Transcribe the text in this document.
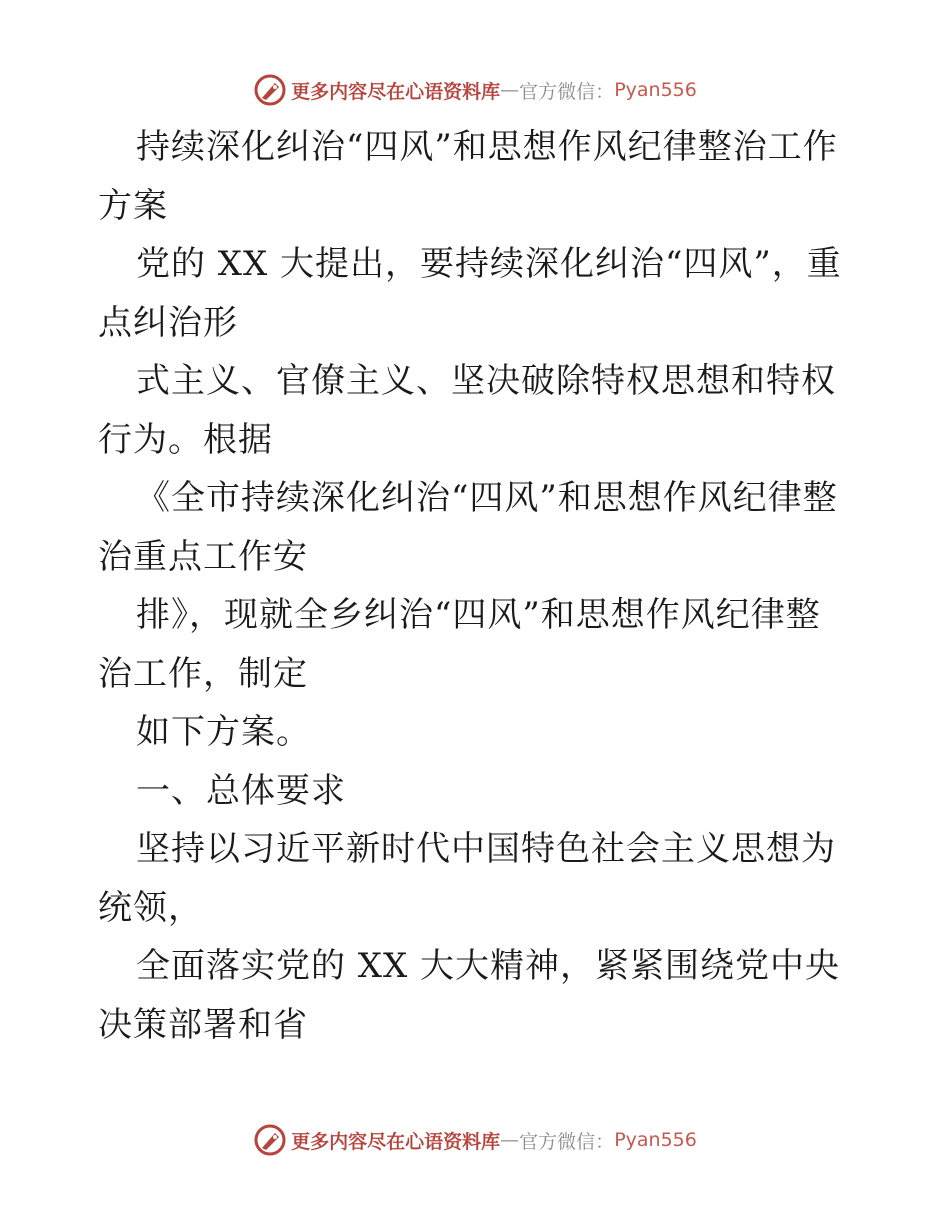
更多内容尽在心语资料库 — 官方微信： Pyan556

持续深化纠治“四风”和思想作风纪律整治工作方案

党的 XX 大提出，要持续深化纠治“四风”，重点纠治形

式主义、官僚主义、坚决破除特权思想和特权行为。根据

《全市持续深化纠治“四风”和思想作风纪律整治重点工作安

排》，现就全乡纠治“四风”和思想作风纪律整治工作，制定

如下方案。

一、总体要求

坚持以习近平新时代中国特色社会主义思想为统领，

全面落实党的 XX 大大精神，紧紧围绕党中央决策部署和省

更多内容尽在心语资料库 — 官方微信： Pyan556
